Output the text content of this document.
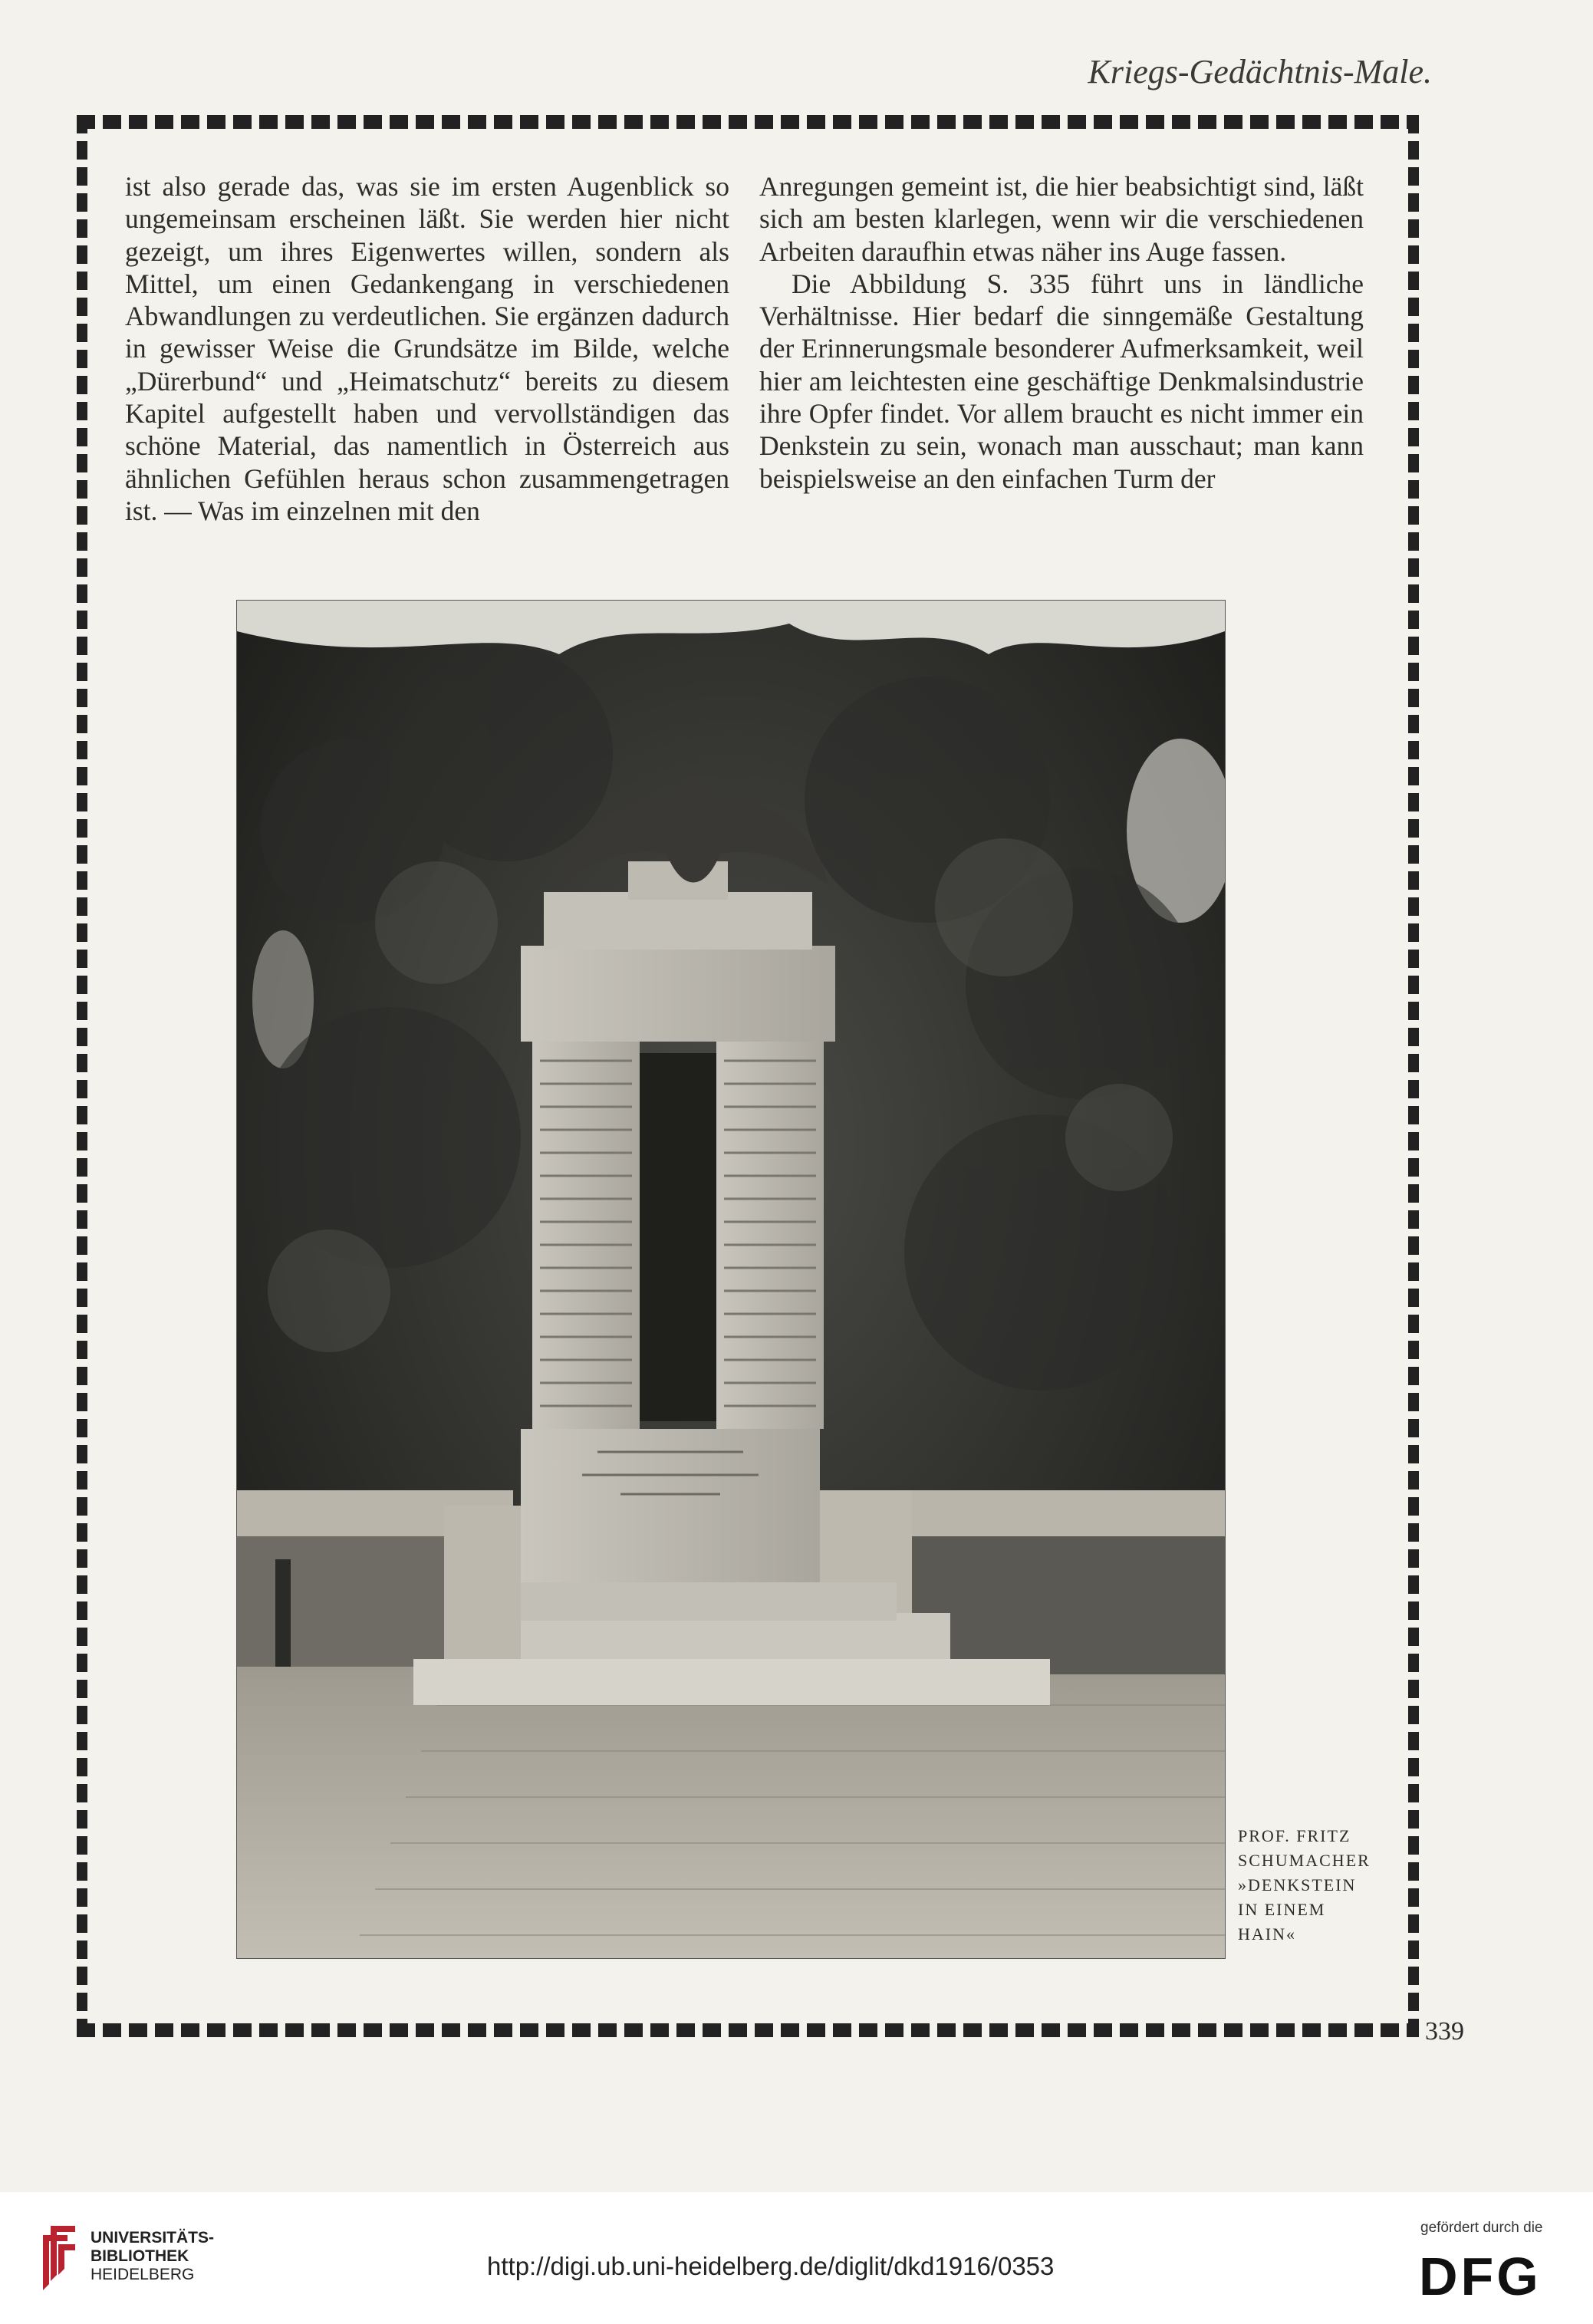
Kriegs-Gedächtnis-Male.

ist also gerade das, was sie im ersten Augenblick so ungemeinsam erscheinen läßt. Sie werden hier nicht gezeigt, um ihres Eigenwertes willen, sondern als Mittel, um einen Gedankengang in verschiedenen Abwandlungen zu verdeutlichen. Sie ergänzen dadurch in gewisser Weise die Grundsätze im Bilde, welche „Dürerbund“ und „Heimatschutz“ bereits zu diesem Kapitel aufgestellt haben und vervollständigen das schöne Material, das namentlich in Österreich aus ähnlichen Gefühlen heraus schon zusammengetragen ist. — Was im einzelnen mit den

Anregungen gemeint ist, die hier beabsichtigt sind, läßt sich am besten klarlegen, wenn wir die verschiedenen Arbeiten daraufhin etwas näher ins Auge fassen.

Die Abbildung S. 335 führt uns in ländliche Verhältnisse. Hier bedarf die sinngemäße Gestaltung der Erinnerungsmale besonderer Aufmerksamkeit, weil hier am leichtesten eine geschäftige Denkmalsindustrie ihre Opfer findet. Vor allem braucht es nicht immer ein Denkstein zu sein, wonach man ausschaut; man kann beispielsweise an den einfachen Turm der

PROF. FRITZ
SCHUMACHER
»DENKSTEIN
IN EINEM
HAIN«
339
UNIVERSITÄTS-
BIBLIOTHEK
HEIDELBERG	http://digi.ub.uni-heidelberg.de/diglit/dkd1916/0353
gefördert durch die
DFG
